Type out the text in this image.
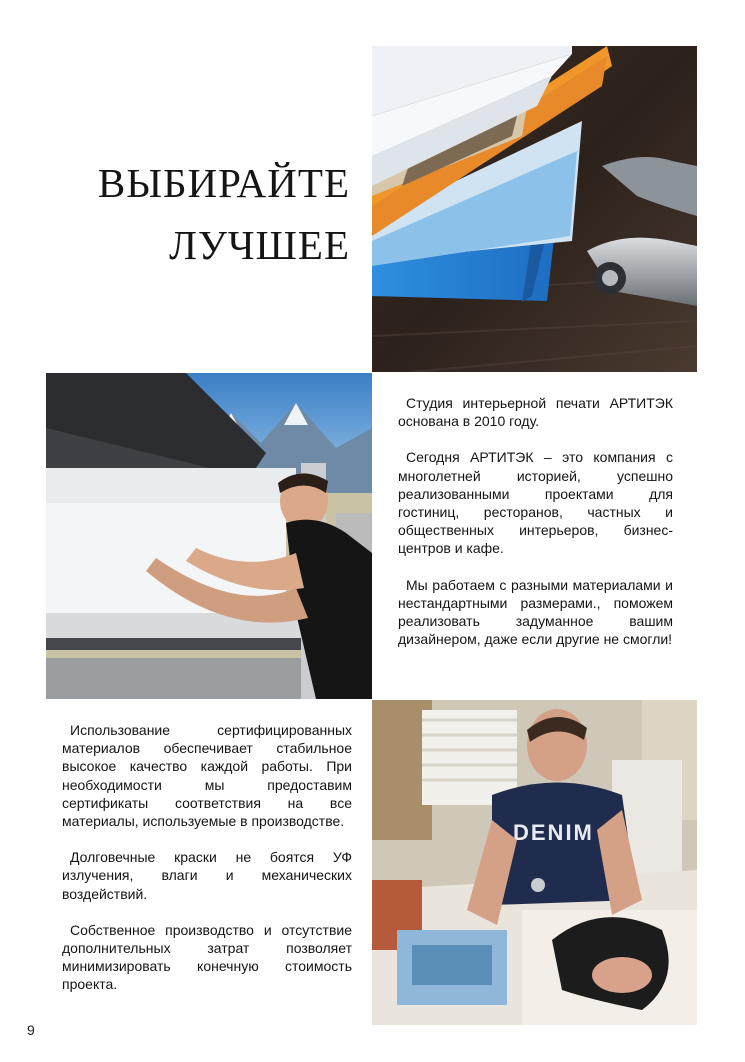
ВЫБИРАЙТЕ
ЛУЧШЕЕ

Студия интерьерной печати АРТИТЭК основана в 2010 году.

Сегодня АРТИТЭК – это компания с многолетней историей, успешно реализованными проектами для гостиниц, ресторанов, частных и общественных интерьеров, бизнес-центров и кафе.

Мы работаем с разными материалами и нестандартными размерами., поможем реализовать задуманное вашим дизайнером, даже если другие не смогли!

Использование сертифицированных материалов обеспечивает стабильное высокое качество каждой работы. При необходимости мы предоставим сертификаты соответствия на все материалы, используемые в производстве.

Долговечные краски не боятся УФ излучения, влаги и механических воздействий.

Собственное производство и отсутствие дополнительных затрат позволяет минимизировать конечную стоимость проекта.

DENIM
9
